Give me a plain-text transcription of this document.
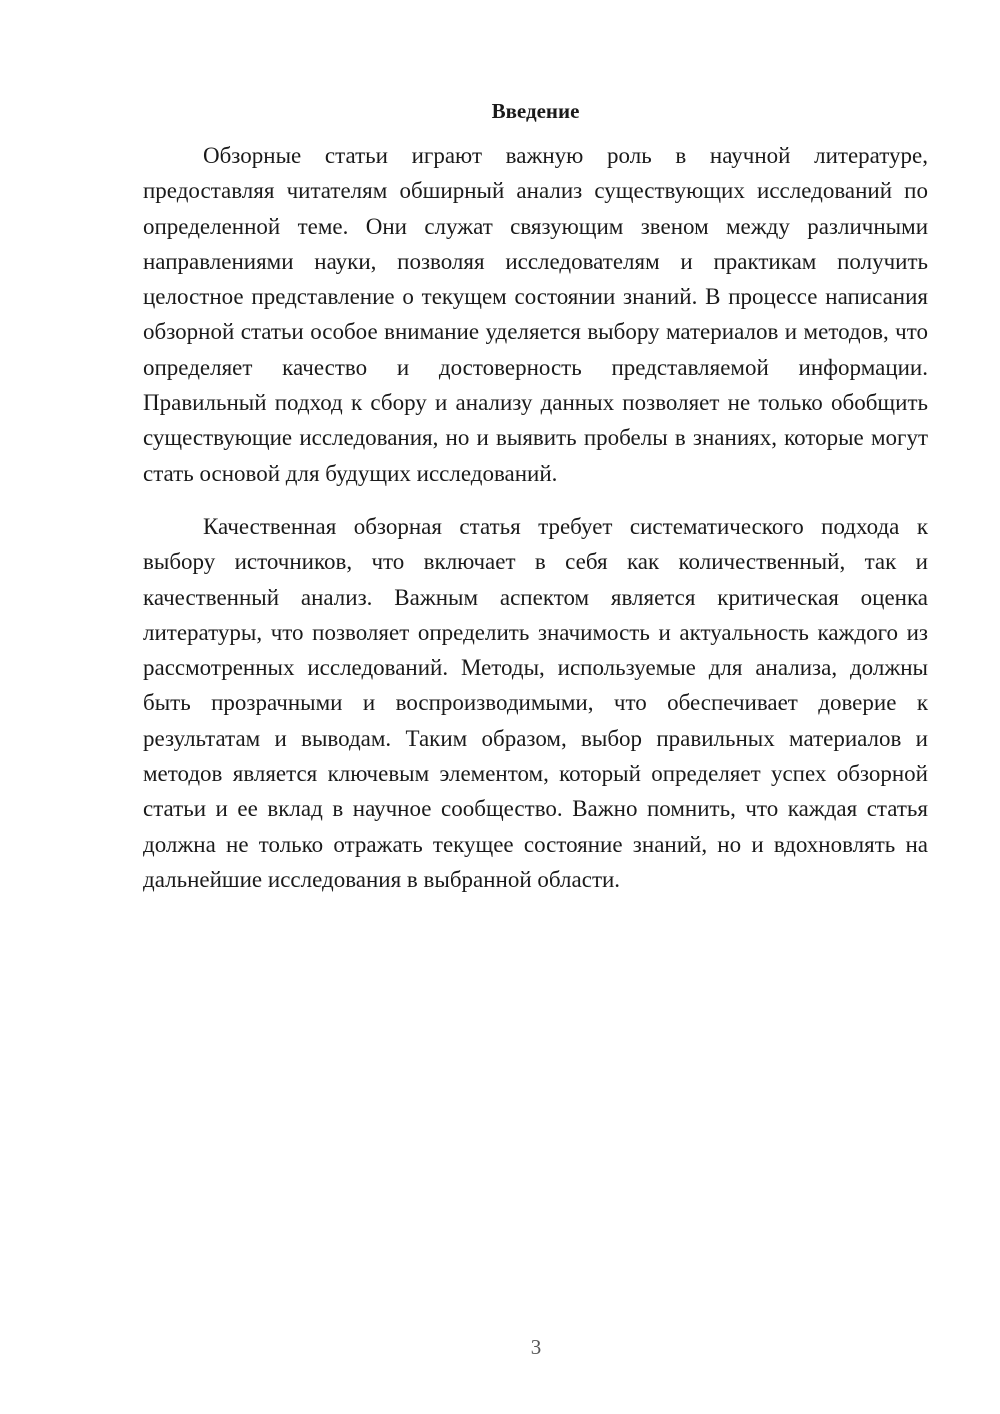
Введение

Обзорные статьи играют важную роль в научной литературе, предоставляя читателям обширный анализ существующих исследований по определенной теме. Они служат связующим звеном между различными направлениями науки, позволяя исследователям и практикам получить целостное представление о текущем состоянии знаний. В процессе написания обзорной статьи особое внимание уделяется выбору материалов и методов, что определяет качество и достоверность представляемой информации. Правильный подход к сбору и анализу данных позволяет не только обобщить существующие исследования, но и выявить пробелы в знаниях, которые могут стать основой для будущих исследований.

Качественная обзорная статья требует систематического подхода к выбору источников, что включает в себя как количественный, так и качественный анализ. Важным аспектом является критическая оценка литературы, что позволяет определить значимость и актуальность каждого из рассмотренных исследований. Методы, используемые для анализа, должны быть прозрачными и воспроизводимыми, что обеспечивает доверие к результатам и выводам. Таким образом, выбор правильных материалов и методов является ключевым элементом, который определяет успех обзорной статьи и ее вклад в научное сообщество. Важно помнить, что каждая статья должна не только отражать текущее состояние знаний, но и вдохновлять на дальнейшие исследования в выбранной области.

3
